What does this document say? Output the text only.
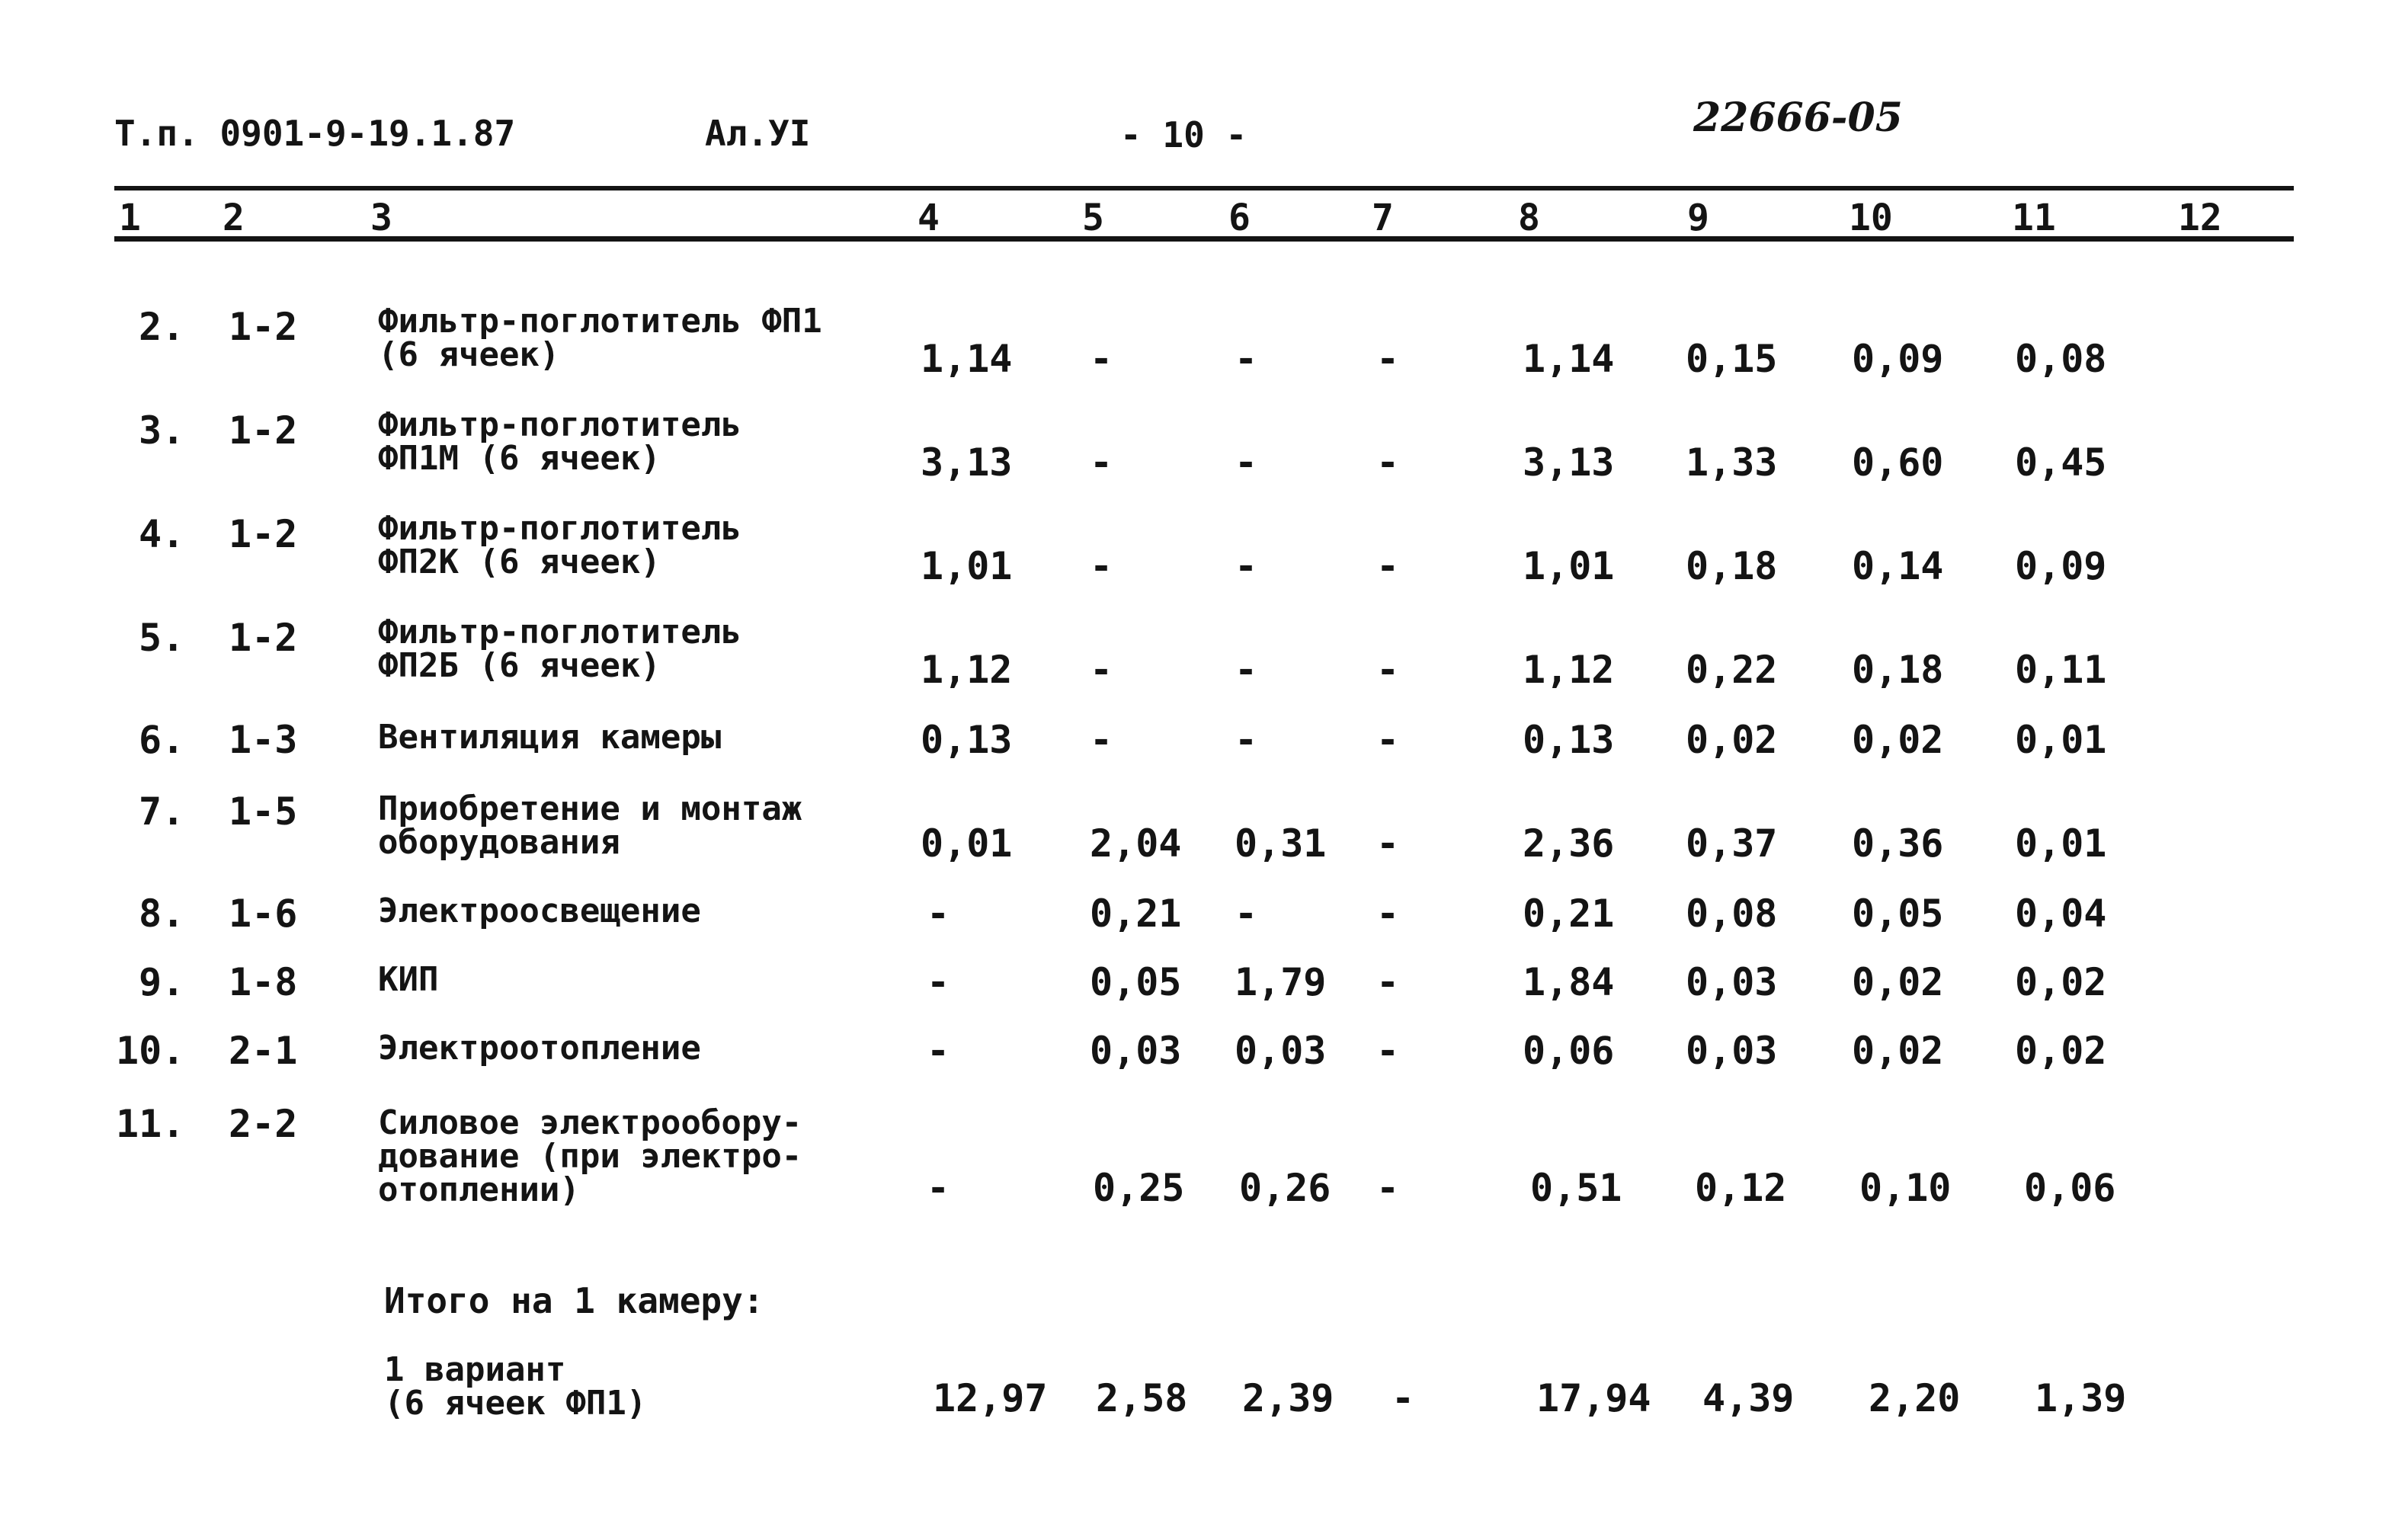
Т.п. 0901-9-19.1.87	Ал.УI	- 10 -	22666-05
1 2	3	4	5	6	7	8	9	10	11	12
2. 1-2 Фильтр-поглотитель ФП1
(6 ячеек)	1,14 -	-	-	1,14 0,15 0,09 0,08
3. 1-2 Фильтр-поглотитель
ФП1М (6 ячеек)	3,13 -	-	-	3,13 1,33 0,60 0,45
4. 1-2 Фильтр-поглотитель
ФП2К (6 ячеек)	1,01 -	-	-	1,01 0,18 0,14 0,09
5. 1-2 Фильтр-поглотитель
ФП2Б (6 ячеек)	1,12 -	-	-	1,12 0,22 0,18 0,11
6. 1-3 Вентиляция камеры	0,13 -	-	-	0,13 0,02 0,02 0,01
7. 1-5 Приобретение и монтаж
оборудования	0,01 2,04 0,31 -	2,36 0,37 0,36 0,01
8. 1-6 Электроосвещение	-	0,21 -	-	0,21 0,08 0,05 0,04
9. 1-8 КИП	-	0,05 1,79 -	1,84 0,03 0,02 0,02
10. 2-1 Электроотопление	-	0,03 0,03 -	0,06 0,03 0,02 0,02
11. 2-2 Силовое электрообору-
дование (при электро-
отоплении)	-	0,25 0,26 -	0,51 0,12 0,10 0,06
Итого на 1 камеру:
1 вариант
(6 ячеек ФП1)	12,97 2,58 2,39 -	17,94 4,39 2,20 1,39
